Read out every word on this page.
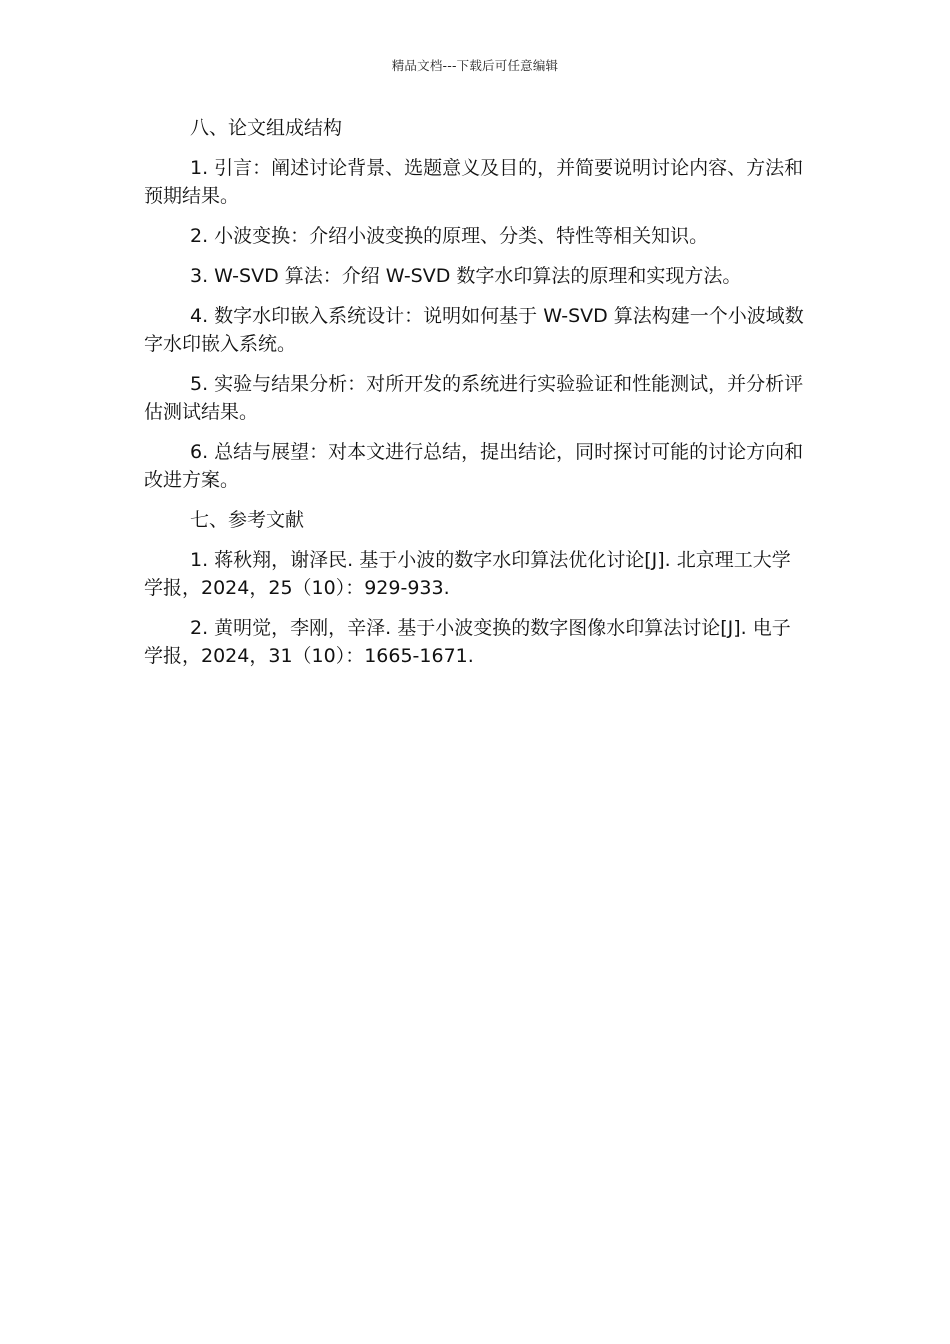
精品文档---下载后可任意编辑

八、论文组成结构

1. 引言：阐述讨论背景、选题意义及目的，并简要说明讨论内容、方法和预期结果。

2. 小波变换：介绍小波变换的原理、分类、特性等相关知识。

3. W-SVD 算法：介绍 W-SVD 数字水印算法的原理和实现方法。

4. 数字水印嵌入系统设计：说明如何基于 W-SVD 算法构建一个小波域数字水印嵌入系统。

5. 实验与结果分析：对所开发的系统进行实验验证和性能测试，并分析评估测试结果。

6. 总结与展望：对本文进行总结，提出结论，同时探讨可能的讨论方向和改进方案。

七、参考文献

1. 蒋秋翔，谢泽民. 基于小波的数字水印算法优化讨论[J]. 北京理工大学学报，2024，25（10）：929-933.

2. 黄明觉，李刚，辛泽. 基于小波变换的数字图像水印算法讨论[J]. 电子学报，2024，31（10）：1665-1671.
